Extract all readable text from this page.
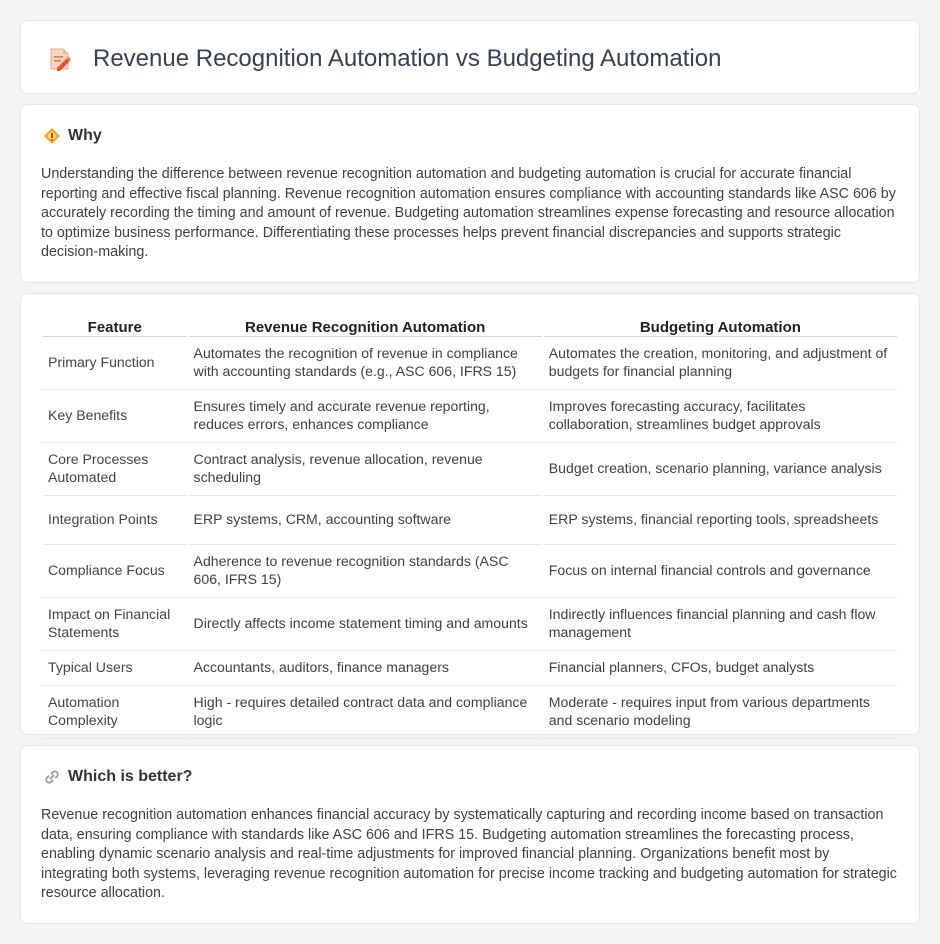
Revenue Recognition Automation vs Budgeting Automation
Why

Understanding the difference between revenue recognition automation and budgeting automation is crucial for accurate financial reporting and effective fiscal planning. Revenue recognition automation ensures compliance with accounting standards like ASC 606 by accurately recording the timing and amount of revenue. Budgeting automation streamlines expense forecasting and resource allocation to optimize business performance. Differentiating these processes helps prevent financial discrepancies and supports strategic decision-making.

Feature	Revenue Recognition Automation	Budgeting Automation
Primary Function	Automates the recognition of revenue in compliance with accounting standards (e.g., ASC 606, IFRS 15)	Automates the creation, monitoring, and adjustment of budgets for financial planning
Key Benefits	Ensures timely and accurate revenue reporting, reduces errors, enhances compliance	Improves forecasting accuracy, facilitates collaboration, streamlines budget approvals
Core Processes Automated	Contract analysis, revenue allocation, revenue scheduling	Budget creation, scenario planning, variance analysis
Integration Points	ERP systems, CRM, accounting software	ERP systems, financial reporting tools, spreadsheets
Compliance Focus	Adherence to revenue recognition standards (ASC 606, IFRS 15)	Focus on internal financial controls and governance
Impact on Financial Statements	Directly affects income statement timing and amounts	Indirectly influences financial planning and cash flow management
Typical Users	Accountants, auditors, finance managers	Financial planners, CFOs, budget analysts
Automation Complexity	High - requires detailed contract data and compliance logic	Moderate - requires input from various departments and scenario modeling
Which is better?

Revenue recognition automation enhances financial accuracy by systematically capturing and recording income based on transaction data, ensuring compliance with standards like ASC 606 and IFRS 15. Budgeting automation streamlines the forecasting process, enabling dynamic scenario analysis and real-time adjustments for improved financial planning. Organizations benefit most by integrating both systems, leveraging revenue recognition automation for precise income tracking and budgeting automation for strategic resource allocation.
